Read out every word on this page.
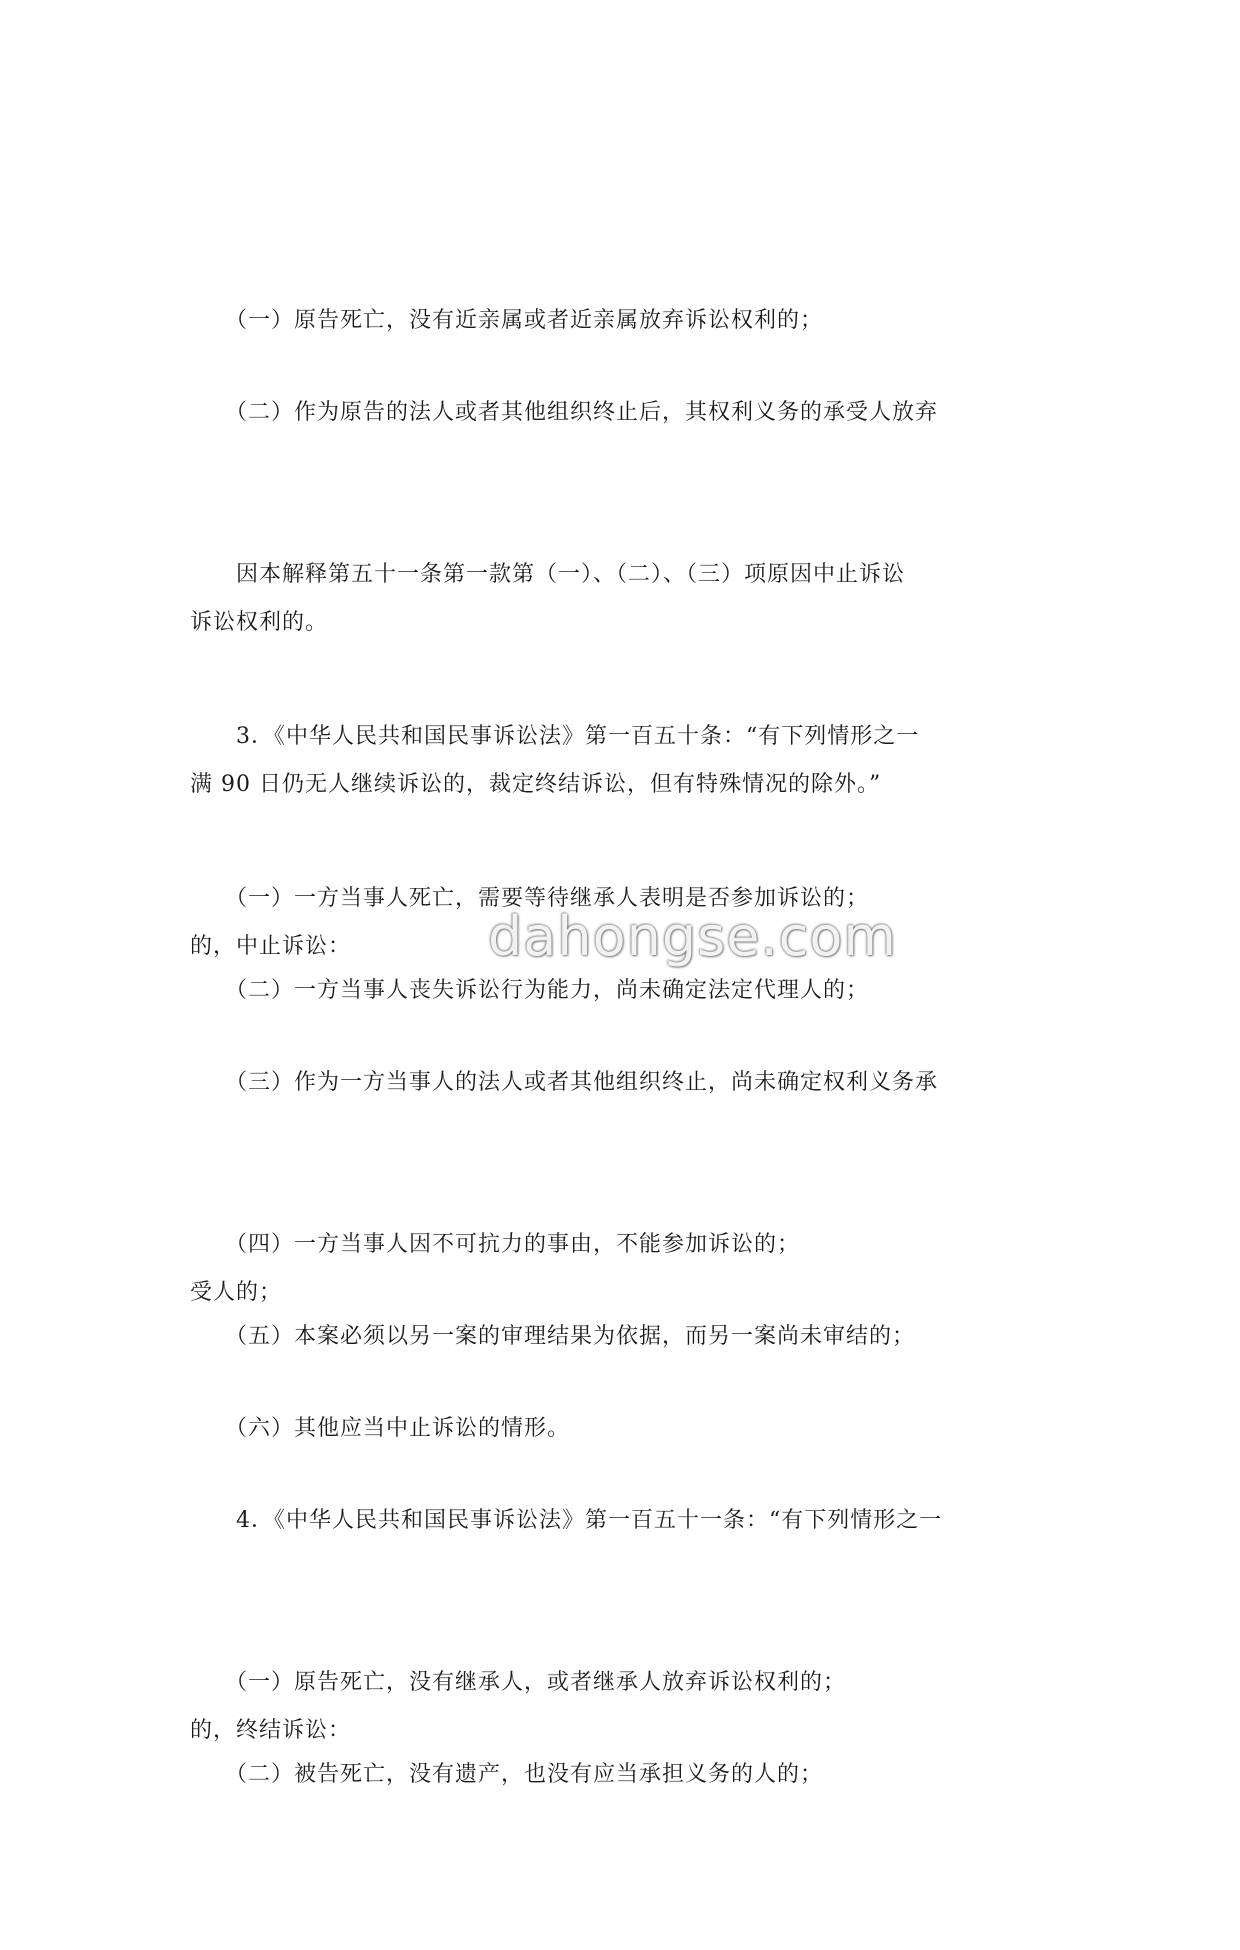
　　（一）原告死亡，没有近亲属或者近亲属放弃诉讼权利的；

　　（二）作为原告的法人或者其他组织终止后，其权利义务的承受人放弃

诉讼权利的。

　　因本解释第五十一条第一款第（一）、（二）、（三）项原因中止诉讼

满 90 日仍无人继续诉讼的，裁定终结诉讼，但有特殊情况的除外。”

　　3．《中华人民共和国民事诉讼法》第一百五十条：“有下列情形之一

的，中止诉讼：

　　（一）一方当事人死亡，需要等待继承人表明是否参加诉讼的；

　　（二）一方当事人丧失诉讼行为能力，尚未确定法定代理人的；

　　（三）作为一方当事人的法人或者其他组织终止，尚未确定权利义务承

受人的；

　　（四）一方当事人因不可抗力的事由，不能参加诉讼的；

　　（五）本案必须以另一案的审理结果为依据，而另一案尚未审结的；

　　（六）其他应当中止诉讼的情形。

　　4．《中华人民共和国民事诉讼法》第一百五十一条：“有下列情形之一

的，终结诉讼：

　　（一）原告死亡，没有继承人，或者继承人放弃诉讼权利的；

　　（二）被告死亡，没有遗产，也没有应当承担义务的人的；

dahongse.com
